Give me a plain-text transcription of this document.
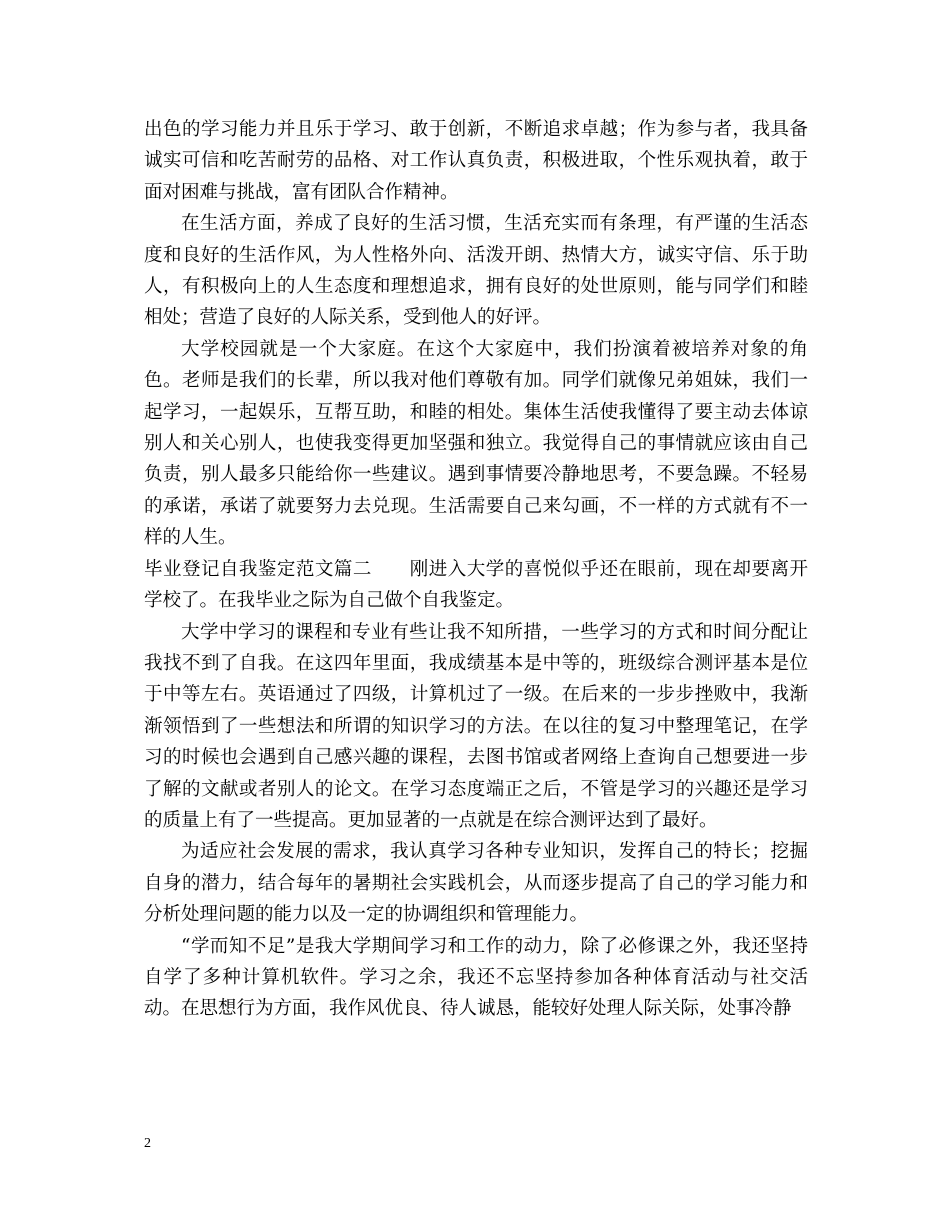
出色的学习能力并且乐于学习、敢于创新，不断追求卓越；作为参与者，我具备诚实可信和吃苦耐劳的品格、对工作认真负责，积极进取，个性乐观执着，敢于面对困难与挑战，富有团队合作精神。

在生活方面，养成了良好的生活习惯，生活充实而有条理，有严谨的生活态度和良好的生活作风，为人性格外向、活泼开朗、热情大方，诚实守信、乐于助人，有积极向上的人生态度和理想追求，拥有良好的处世原则，能与同学们和睦相处；营造了良好的人际关系，受到他人的好评。

大学校园就是一个大家庭。在这个大家庭中，我们扮演着被培养对象的角色。老师是我们的长辈，所以我对他们尊敬有加。同学们就像兄弟姐妹，我们一起学习，一起娱乐，互帮互助，和睦的相处。集体生活使我懂得了要主动去体谅别人和关心别人，也使我变得更加坚强和独立。我觉得自己的事情就应该由自己负责，别人最多只能给你一些建议。遇到事情要冷静地思考，不要急躁。不轻易的承诺，承诺了就要努力去兑现。生活需要自己来勾画，不一样的方式就有不一样的人生。

毕业登记自我鉴定范文篇二　　刚进入大学的喜悦似乎还在眼前，现在却要离开学校了。在我毕业之际为自己做个自我鉴定。

大学中学习的课程和专业有些让我不知所措，一些学习的方式和时间分配让我找不到了自我。在这四年里面，我成绩基本是中等的，班级综合测评基本是位于中等左右。英语通过了四级，计算机过了一级。在后来的一步步挫败中，我渐渐领悟到了一些想法和所谓的知识学习的方法。在以往的复习中整理笔记，在学习的时候也会遇到自己感兴趣的课程，去图书馆或者网络上查询自己想要进一步了解的文献或者别人的论文。在学习态度端正之后，不管是学习的兴趣还是学习的质量上有了一些提高。更加显著的一点就是在综合测评达到了最好。

为适应社会发展的需求，我认真学习各种专业知识，发挥自己的特长；挖掘自身的潜力，结合每年的暑期社会实践机会，从而逐步提高了自己的学习能力和分析处理问题的能力以及一定的协调组织和管理能力。

“学而知不足”是我大学期间学习和工作的动力，除了必修课之外，我还坚持自学了多种计算机软件。学习之余，我还不忘坚持参加各种体育活动与社交活动。在思想行为方面，我作风优良、待人诚恳，能较好处理人际关际，处事冷静

2
